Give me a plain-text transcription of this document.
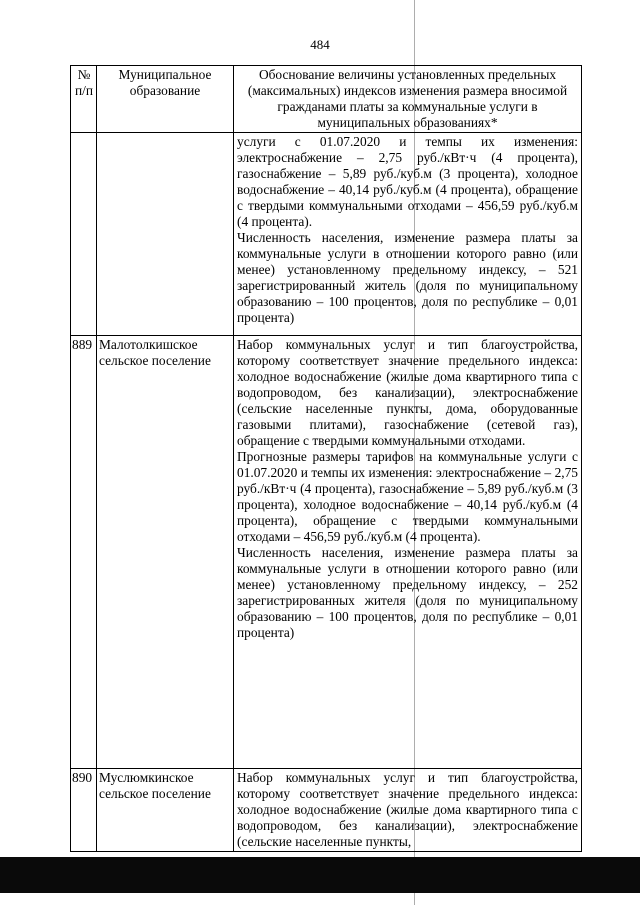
484
№ п/п	Муниципальное образование	Обоснование величины установленных предельных (максимальных) индексов изменения размера вносимой гражданами платы за коммунальные услуги в муниципальных образованиях*

		услуги с 01.07.2020 и темпы их изменения: электроснабжение – 2,75 руб./кВт·ч (4 процента), газоснабжение – 5,89 руб./куб.м (3 процента), холодное водоснабжение – 40,14 руб./куб.м (4 процента), обращение с твердыми коммунальными отходами – 456,59 руб./куб.м (4 процента).

Численность населения, изменение размера платы за коммунальные услуги в отношении которого равно (или менее) установленному предельному индексу, – 521 зарегистрированный житель (доля по муниципальному образованию – 100 процентов, доля по республике – 0,01 процента)

889	Малотолкишское сельское поселение	Набор коммунальных услуг и тип благоустройства, которому соответствует значение предельного индекса: холодное водоснабжение (жилые дома квартирного типа с водопроводом, без канализации), электроснабжение (сельские населенные пункты, дома, оборудованные газовыми плитами), газоснабжение (сетевой газ), обращение с твердыми коммунальными отходами.

Прогнозные размеры тарифов на коммунальные услуги с 01.07.2020 и темпы их изменения: электроснабжение – 2,75 руб./кВт·ч (4 процента), газоснабжение – 5,89 руб./куб.м (3 процента), холодное водоснабжение – 40,14 руб./куб.м (4 процента), обращение с твердыми коммунальными отходами – 456,59 руб./куб.м (4 процента).

Численность населения, изменение размера платы за коммунальные услуги в отношении которого равно (или менее) установленному предельному индексу, – 252 зарегистрированных жителя (доля по муниципальному образованию – 100 процентов, доля по республике – 0,01 процента)

890	Муслюмкинское сельское поселение	Набор коммунальных услуг и тип благоустройства, которому соответствует значение предельного индекса: холодное водоснабжение (жилые дома квартирного типа с водопроводом, без канализации), электроснабжение (сельские населенные пункты,
